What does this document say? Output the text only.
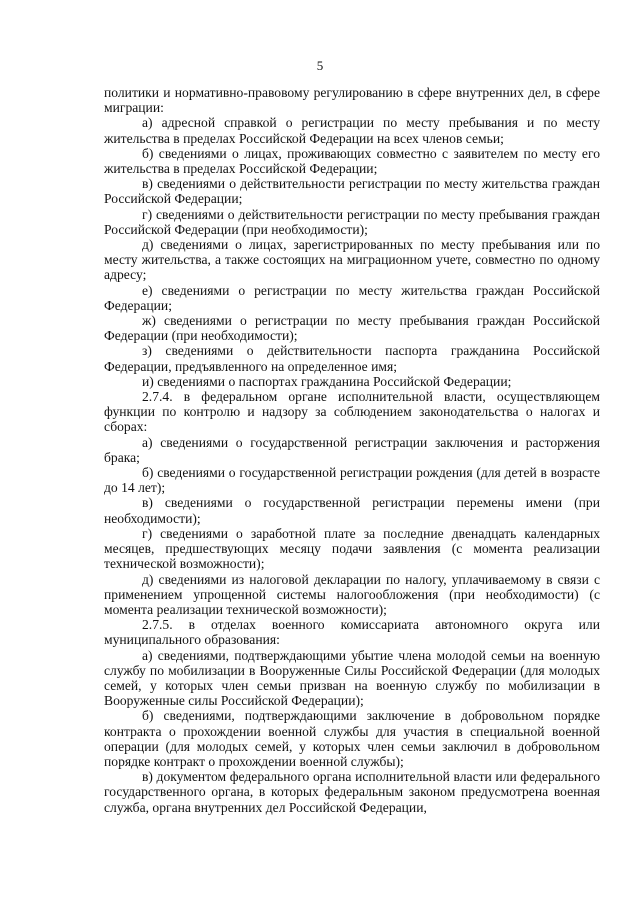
5

политики и нормативно-правовому регулированию в сфере внутренних дел, в сфере миграции:

а) адресной справкой о регистрации по месту пребывания и по месту жительства в пределах Российской Федерации на всех членов семьи;

б) сведениями о лицах, проживающих совместно с заявителем по месту его жительства в пределах Российской Федерации;

в) сведениями о действительности регистрации по месту жительства граждан Российской Федерации;

г) сведениями о действительности регистрации по месту пребывания граждан Российской Федерации (при необходимости);

д) сведениями о лицах, зарегистрированных по месту пребывания или по месту жительства, а также состоящих на миграционном учете, совместно по одному адресу;

е) сведениями о регистрации по месту жительства граждан Российской Федерации;

ж) сведениями о регистрации по месту пребывания граждан Российской Федерации (при необходимости);

з) сведениями о действительности паспорта гражданина Российской Федерации, предъявленного на определенное имя;

и) сведениями о паспортах гражданина Российской Федерации;

2.7.4. в федеральном органе исполнительной власти, осуществляющем функции по контролю и надзору за соблюдением законодательства о налогах и сборах:

а) сведениями о государственной регистрации заключения и расторжения брака;

б) сведениями о государственной регистрации рождения (для детей в возрасте до 14 лет);

в) сведениями о государственной регистрации перемены имени (при необходимости);

г) сведениями о заработной плате за последние двенадцать календарных месяцев, предшествующих месяцу подачи заявления (с момента реализации технической возможности);

д) сведениями из налоговой декларации по налогу, уплачиваемому в связи с применением упрощенной системы налогообложения (при необходимости) (с момента реализации технической возможности);

2.7.5. в отделах военного комиссариата автономного округа или муниципального образования:

а) сведениями, подтверждающими убытие члена молодой семьи на военную службу по мобилизации в Вооруженные Силы Российской Федерации (для молодых семей, у которых член семьи призван на военную службу по мобилизации в Вооруженные силы Российской Федерации);

б) сведениями, подтверждающими заключение в добровольном порядке контракта о прохождении военной службы для участия в специальной военной операции (для молодых семей, у которых член семьи заключил в добровольном порядке контракт о прохождении военной службы);

в) документом федерального органа исполнительной власти или федерального государственного органа, в которых федеральным законом предусмотрена военная служба, органа внутренних дел Российской Федерации,
